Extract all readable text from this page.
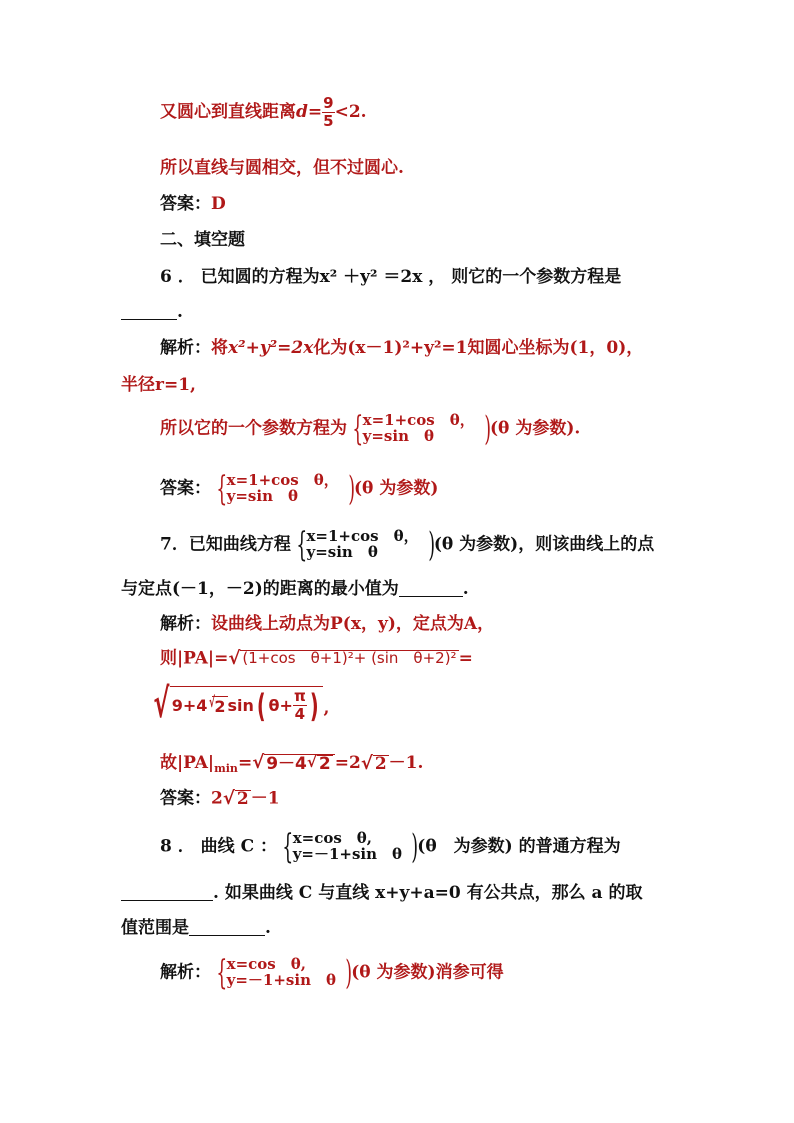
又圆心到直线距离$d= \frac{9}{5} <2$.
所以直线与圆相交，但不过圆心.
答案：D
二、填空题
6 ． 已知圆的方程为x² ＋y² ＝2x ， 则它的一个参数方程是
.
解析：将x²+y²=2x化为(x－1)²+y²=1知圆心坐标为(1，0)，
半径r=1,
所以它的一个参数方程为 { x=1+cos　θ，
y=sin　θ	) (θ 为参数).
答案： { x=1+cos　θ，
y=sin　θ	) (θ 为参数)
7．已知曲线方程 { x=1+cos　θ，
y=sin　θ	) (θ 为参数)，则该曲线上的点
与定点(－1，－2)的距离的最小值为	.
解析：设曲线上动点为P(x，y)，定点为A，
则|PA|= √ (1+cos　θ+1)²+ (sin　θ+2)² =
√ 9+4 √ 2 sin ( $\theta+ \frac{\pi}{4}$ ) ,
故$|PA|_{min}=$ √ 9－4 √ 2 =2 √ 2 －1.
答案：2 √ 2 －1
8 ． 曲线 C ： { x=cos　θ,
y=－1+sin　θ ) (θ　为参数) 的普通方程为
. 如果曲线 C 与直线 x+y+a=0 有公共点，那么 a 的取
值范围是	.
解析： { x=cos　θ,
y=－1+sin　θ ) (θ 为参数)消参可得
